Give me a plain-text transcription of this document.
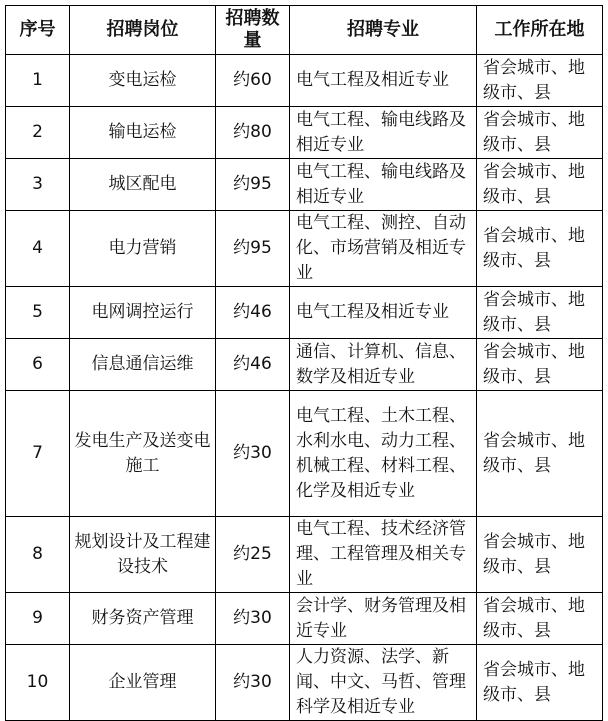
序号	招聘岗位	招聘数量	招聘专业	工作所在地
1	变电运检	约60	电气工程及相近专业	省会城市、地级市、县
2	输电运检	约80	电气工程、输电线路及相近专业	省会城市、地级市、县
3	城区配电	约95	电气工程、输电线路及相近专业	省会城市、地级市、县
4	电力营销	约95	电气工程、测控、自动化、市场营销及相近专业	省会城市、地级市、县
5	电网调控运行	约46	电气工程及相近专业	省会城市、地级市、县
6	信息通信运维	约46	通信、计算机、信息、数学及相近专业	省会城市、地级市、县
7	发电生产及送变电施工	约30	电气工程、土木工程、水利水电、动力工程、机械工程、材料工程、化学及相近专业	省会城市、地级市、县
8	规划设计及工程建设技术	约25	电气工程、技术经济管理、工程管理及相关专业	省会城市、地级市、县
9	财务资产管理	约30	会计学、财务管理及相近专业	省会城市、地级市、县
10	企业管理	约30	人力资源、法学、新闻、中文、马哲、管理科学及相近专业	省会城市、地级市、县
